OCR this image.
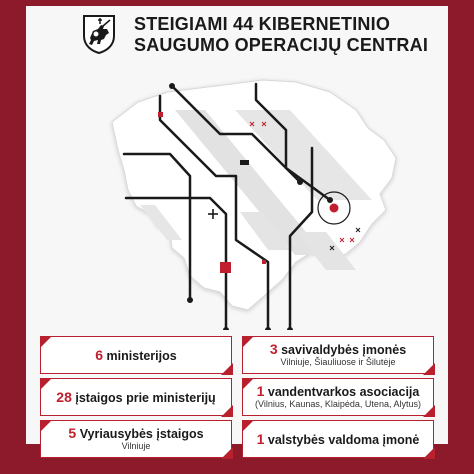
STEIGIAMI 44 KIBERNETINIO
SAUGUMO OPERACIJŲ CENTRAI
6 ministerijos	3 savivaldybės įmonės
Vilniuje, Šiauliuose ir Šilutėje
28 įstaigos prie ministerijų	1 vandentvarkos asociacija
(Vilnius, Kaunas, Klaipėda, Utena, Alytus)
5 Vyriausybės įstaigos
Vilniuje	1 valstybės valdoma įmonė
